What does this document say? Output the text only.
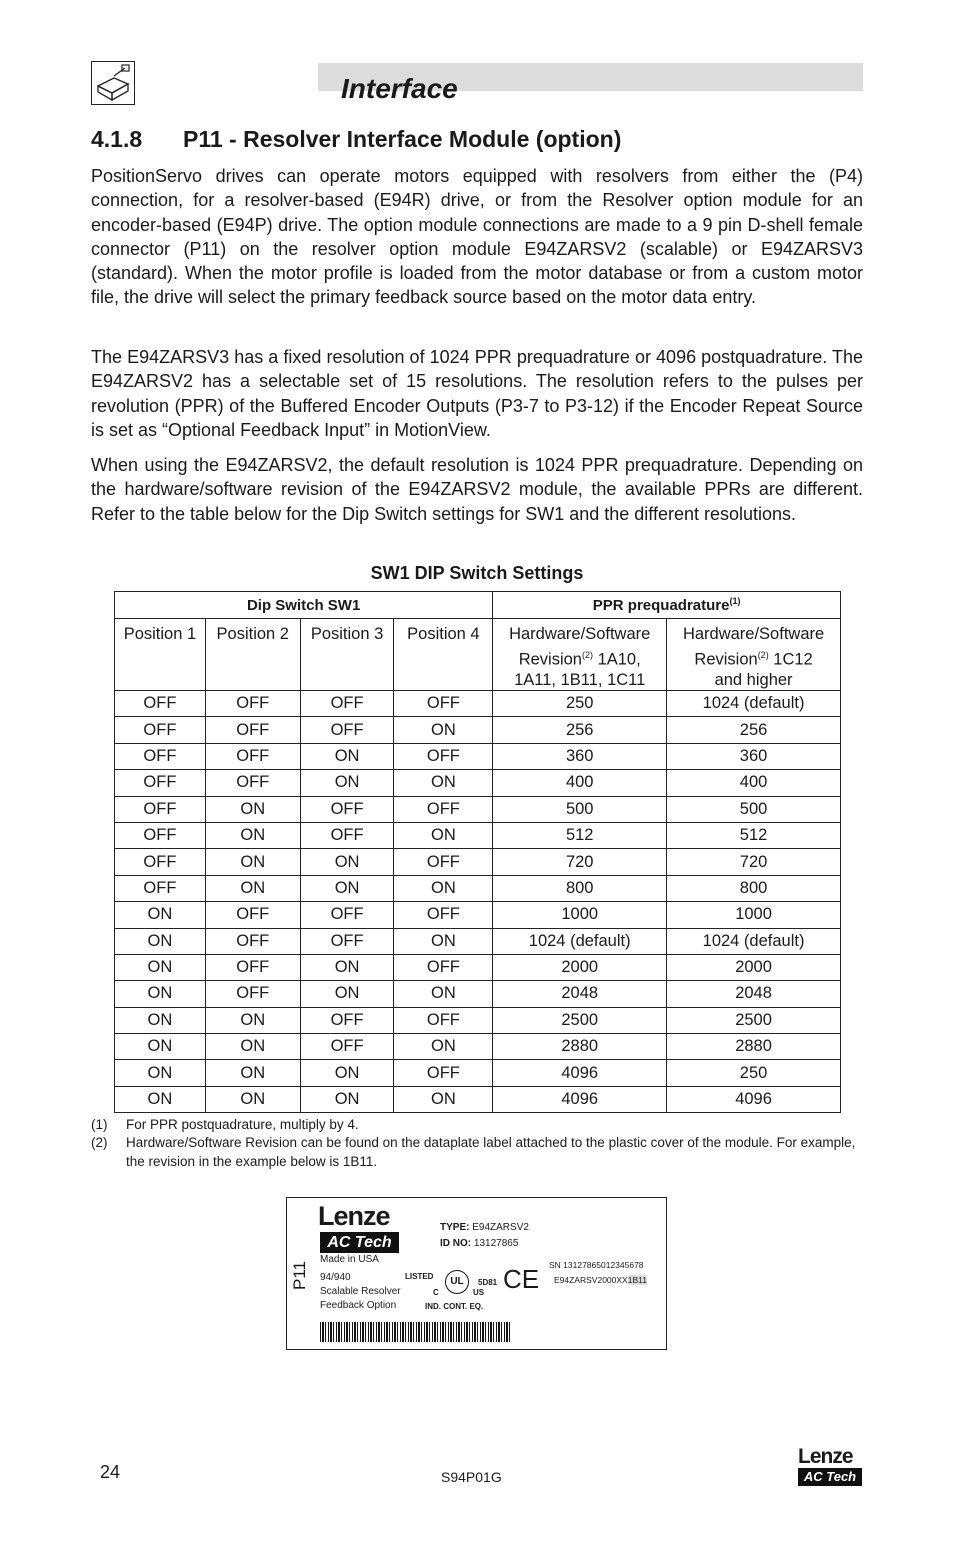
Interface
4.1.8 P11 - Resolver Interface Module (option)

PositionServo drives can operate motors equipped with resolvers from either the (P4) connection, for a resolver-based (E94R) drive, or from the Resolver option module for an encoder-based (E94P) drive. The option module connections are made to a 9 pin D-shell female connector (P11) on the resolver option module E94ZARSV2 (scalable) or E94ZARSV3 (standard). When the motor profile is loaded from the motor database or from a custom motor file, the drive will select the primary feedback source based on the motor data entry.

The E94ZARSV3 has a fixed resolution of 1024 PPR prequadrature or 4096 postquadrature. The E94ZARSV2 has a selectable set of 15 resolutions. The resolution refers to the pulses per revolution (PPR) of the Buffered Encoder Outputs (P3-7 to P3-12) if the Encoder Repeat Source is set as “Optional Feedback Input” in MotionView.

When using the E94ZARSV2, the default resolution is 1024 PPR prequadrature. Depending on the hardware/software revision of the E94ZARSV2 module, the available PPRs are different. Refer to the table below for the Dip Switch settings for SW1 and the different resolutions.

SW1 DIP Switch Settings
Dip Switch SW1				PPR prequadrature$^{(1)}$
Position 1	Position 2	Position 3	Position 4	Hardware/Software
Revision$^{(2)}$ 1A10,
1A11, 1B11, 1C11	Hardware/Software
Revision$^{(2)}$ 1C12
and higher
OFF	OFF	OFF	OFF	250	1024 (default)
OFF	OFF	OFF	ON	256	256
OFF	OFF	ON	OFF	360	360
OFF	OFF	ON	ON	400	400
OFF	ON	OFF	OFF	500	500
OFF	ON	OFF	ON	512	512
OFF	ON	ON	OFF	720	720
OFF	ON	ON	ON	800	800
ON	OFF	OFF	OFF	1000	1000
ON	OFF	OFF	ON	1024 (default)	1024 (default)
ON	OFF	ON	OFF	2000	2000
ON	OFF	ON	ON	2048	2048
ON	ON	OFF	OFF	2500	2500
ON	ON	OFF	ON	2880	2880
ON	ON	ON	OFF	4096	250
ON	ON	ON	ON	4096	4096
(1) For PPR postquadrature, multiply by 4.
(2) Hardware/Software Revision can be found on the dataplate label attached to the plastic cover of the module. For example, the revision in the example below is 1B11.
P11
Lenze
AC Tech
Made in USA
94/940
Scalable Resolver
Feedback Option
TYPE: E94ZARSV2
ID NO: 13127865
LISTED	UL
C	US
5D81
IND. CONT. EQ.
CE SN 13127865012345678
E94ZARSV2000XX1B11
24	S94P01G
Lenze
AC Tech
